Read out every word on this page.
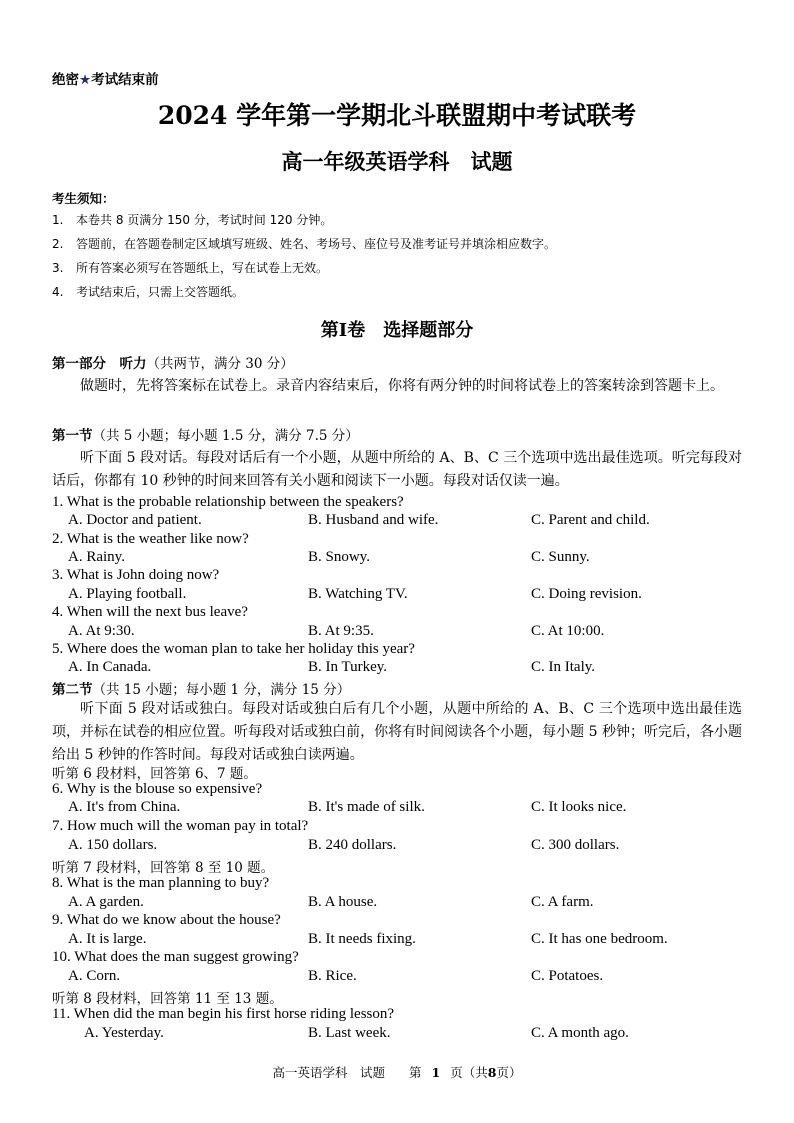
绝密★考试结束前
2024 学年第一学期北斗联盟期中考试联考
高一年级英语学科　试题
考生须知：
1. 本卷共 8 页满分 150 分，考试时间 120 分钟。
2. 答题前，在答题卷制定区域填写班级、姓名、考场号、座位号及准考证号并填涂相应数字。
3. 所有答案必须写在答题纸上，写在试卷上无效。
4. 考试结束后，只需上交答题纸。
第Ⅰ卷　选择题部分
第一部分　听力（共两节，满分 30 分）
做题时，先将答案标在试卷上。录音内容结束后，你将有两分钟的时间将试卷上的答案转涂到答题卡上。
第一节（共 5 小题；每小题 1.5 分，满分 7.5 分）
听下面 5 段对话。每段对话后有一个小题，从题中所给的 A、B、C 三个选项中选出最佳选项。听完每段对话后，你都有 10 秒钟的时间来回答有关小题和阅读下一小题。每段对话仅读一遍。
1. What is the probable relationship between the speakers?
A. Doctor and patient.	B. Husband and wife.	C. Parent and child.
2. What is the weather like now?
A. Rainy.	B. Snowy.	C. Sunny.
3. What is John doing now?
A. Playing football.	B. Watching TV.	C. Doing revision.
4. When will the next bus leave?
A. At 9:30.	B. At 9:35.	C. At 10:00.
5. Where does the woman plan to take her holiday this year?
A. In Canada.	B. In Turkey.	C. In Italy.
第二节（共 15 小题；每小题 1 分，满分 15 分）
听下面 5 段对话或独白。每段对话或独白后有几个小题，从题中所给的 A、B、C 三个选项中选出最佳选项，并标在试卷的相应位置。听每段对话或独白前，你将有时间阅读各个小题，每小题 5 秒钟；听完后，各小题给出 5 秒钟的作答时间。每段对话或独白读两遍。
听第 6 段材料，回答第 6、7 题。
6. Why is the blouse so expensive?
A. It's from China.	B. It's made of silk.	C. It looks nice.
7. How much will the woman pay in total?
A. 150 dollars.	B. 240 dollars.	C. 300 dollars.
听第 7 段材料，回答第 8 至 10 题。
8. What is the man planning to buy?
A. A garden.	B. A house.	C. A farm.
9. What do we know about the house?
A. It is large.	B. It needs fixing.	C. It has one bedroom.
10. What does the man suggest growing?
A. Corn.	B. Rice.	C. Potatoes.
听第 8 段材料，回答第 11 至 13 题。
11. When did the man begin his first horse riding lesson?
A. Yesterday.	B. Last week.	C. A month ago.
高一英语学科　试题 第 1 页（共8页）
